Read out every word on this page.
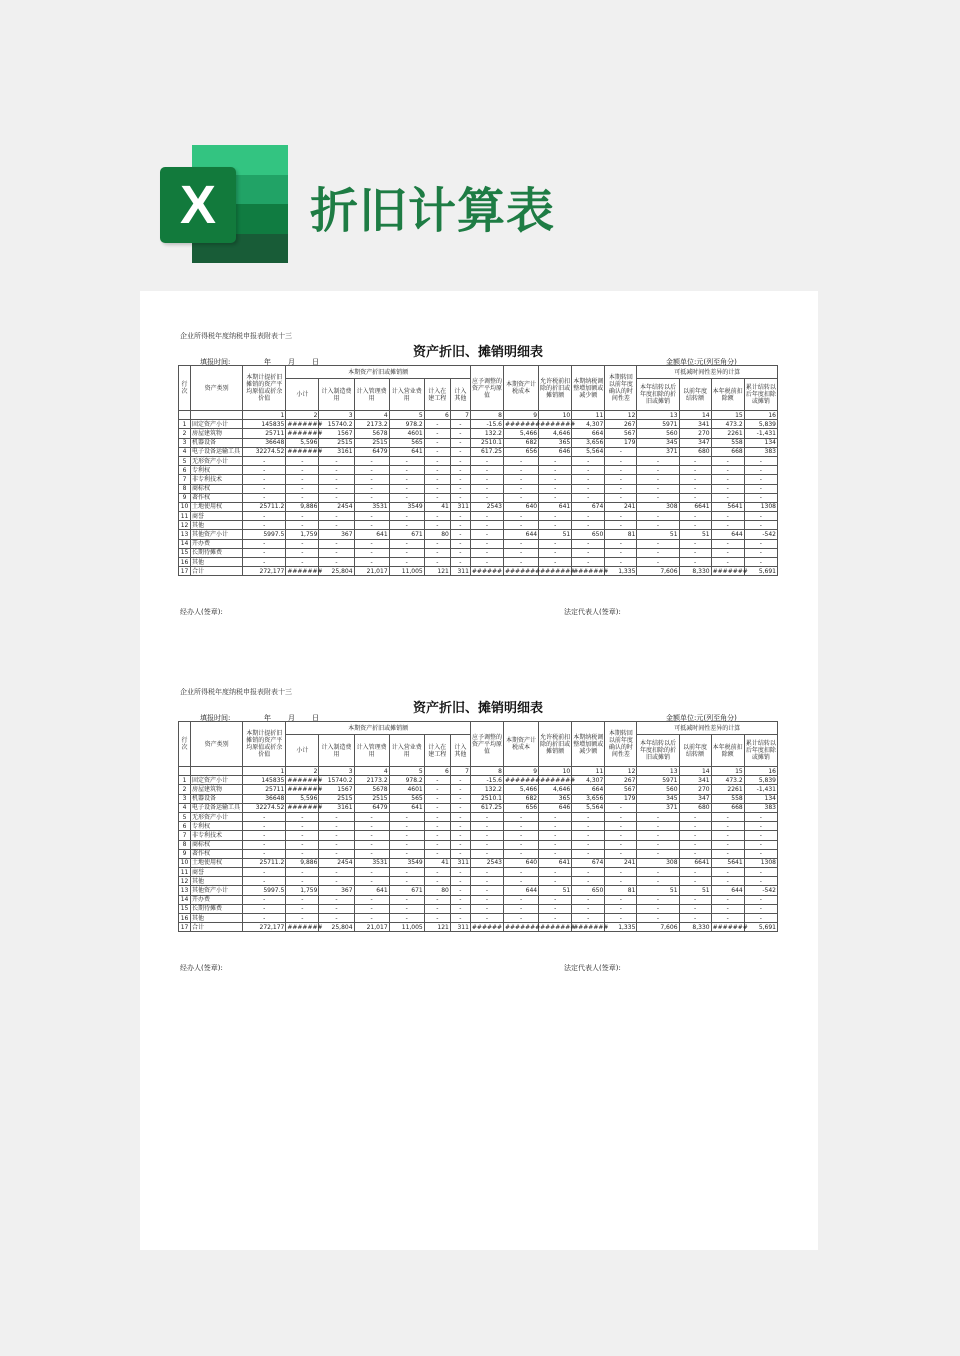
X	折旧计算表
企业所得税年度纳税申报表附表十三
资产折旧、摊销明细表
填报时间:	年 月 日	金额单位:元(列至角分)
行次	资产类别	本期计提折旧摊销的资产平均原值或折余价值	本期资产折旧或摊销额						应予调整的资产平均原值	本期资产计税成本	允许税前扣除的折旧或摊销额	本期纳税调整增加额或减少额	本期转回以前年度确认的时间性差	可抵减时间性差异的计算			
			小计	计入制造费用	计入管理费用	计入营业费用	计入在建工程	计入其他						本年结转以后年度扣除的折旧或摊销	以前年度结转额	本年税前扣除额	累计结转以后年度扣除或摊销
		1	2	3	4	5	6	7	8	9	10	11	12	13	14	15	16
1	固定资产小计	145835	#######	15740.2	2173.2	978.2	-	-	-15.6	#######	#######	4,307	267	5971	341	473.2	5,839
2	房屋建筑物	25711	#######	1567	5678	4601	-	-	132.2	5,466	4,646	664	567	560	270	2261	-1,431
3	机器设备	36648	5,596	2515	2515	565	-	-	2510.1	682	365	3,656	179	345	347	558	134
4	电子设备运输工具	32274.52	#######	3161	6479	641	-	-	617.25	656	646	5,564	-	371	680	668	383
5	无形资产小计	-	-	-	-	-	-	-	-	-	-	-	-	-	-	-	-
6	专利权	-	-	-	-	-	-	-	-	-	-	-	-	-	-	-	-
7	非专利技术	-	-	-	-	-	-	-	-	-	-	-	-	-	-	-	-
8	商标权	-	-	-	-	-	-	-	-	-	-	-	-	-	-	-	-
9	著作权	-	-	-	-	-	-	-	-	-	-	-	-	-	-	-	-
10	土地使用权	25711.2	9,886	2454	3531	3549	41	311	2543	640	641	674	241	308	6641	5641	1308
11	商誉	-	-	-	-	-	-	-	-	-	-	-	-	-	-	-	-
12	其他	-	-	-	-	-	-	-	-	-	-	-	-	-	-	-	-
13	其他资产小计	5997.5	1,759	367	641	671	80	-	-	644	51	650	81	51	51	644	-542
14	开办费	-	-	-	-	-	-	-	-	-	-	-	-	-	-	-	-
15	长期待摊费	-	-	-	-	-	-	-	-	-	-	-	-	-	-	-	-
16	其他	-	-	-	-	-	-	-	-	-	-	-	-	-	-	-	-
17	合计	272,177	#######	25,804	21,017	11,005	121	311	######	#######	#######	#######	1,335	7,606	8,330	#######	5,691
经办人(签章):	法定代表人(签章):
企业所得税年度纳税申报表附表十三
资产折旧、摊销明细表
填报时间:	年 月 日	金额单位:元(列至角分)
行次	资产类别	本期计提折旧摊销的资产平均原值或折余价值	本期资产折旧或摊销额						应予调整的资产平均原值	本期资产计税成本	允许税前扣除的折旧或摊销额	本期纳税调整增加额或减少额	本期转回以前年度确认的时间性差	可抵减时间性差异的计算			
			小计	计入制造费用	计入管理费用	计入营业费用	计入在建工程	计入其他						本年结转以后年度扣除的折旧或摊销	以前年度结转额	本年税前扣除额	累计结转以后年度扣除或摊销
		1	2	3	4	5	6	7	8	9	10	11	12	13	14	15	16
1	固定资产小计	145835	#######	15740.2	2173.2	978.2	-	-	-15.6	#######	#######	4,307	267	5971	341	473.2	5,839
2	房屋建筑物	25711	#######	1567	5678	4601	-	-	132.2	5,466	4,646	664	567	560	270	2261	-1,431
3	机器设备	36648	5,596	2515	2515	565	-	-	2510.1	682	365	3,656	179	345	347	558	134
4	电子设备运输工具	32274.52	#######	3161	6479	641	-	-	617.25	656	646	5,564	-	371	680	668	383
5	无形资产小计	-	-	-	-	-	-	-	-	-	-	-	-	-	-	-	-
6	专利权	-	-	-	-	-	-	-	-	-	-	-	-	-	-	-	-
7	非专利技术	-	-	-	-	-	-	-	-	-	-	-	-	-	-	-	-
8	商标权	-	-	-	-	-	-	-	-	-	-	-	-	-	-	-	-
9	著作权	-	-	-	-	-	-	-	-	-	-	-	-	-	-	-	-
10	土地使用权	25711.2	9,886	2454	3531	3549	41	311	2543	640	641	674	241	308	6641	5641	1308
11	商誉	-	-	-	-	-	-	-	-	-	-	-	-	-	-	-	-
12	其他	-	-	-	-	-	-	-	-	-	-	-	-	-	-	-	-
13	其他资产小计	5997.5	1,759	367	641	671	80	-	-	644	51	650	81	51	51	644	-542
14	开办费	-	-	-	-	-	-	-	-	-	-	-	-	-	-	-	-
15	长期待摊费	-	-	-	-	-	-	-	-	-	-	-	-	-	-	-	-
16	其他	-	-	-	-	-	-	-	-	-	-	-	-	-	-	-	-
17	合计	272,177	#######	25,804	21,017	11,005	121	311	######	#######	#######	#######	1,335	7,606	8,330	#######	5,691
经办人(签章):	法定代表人(签章):
